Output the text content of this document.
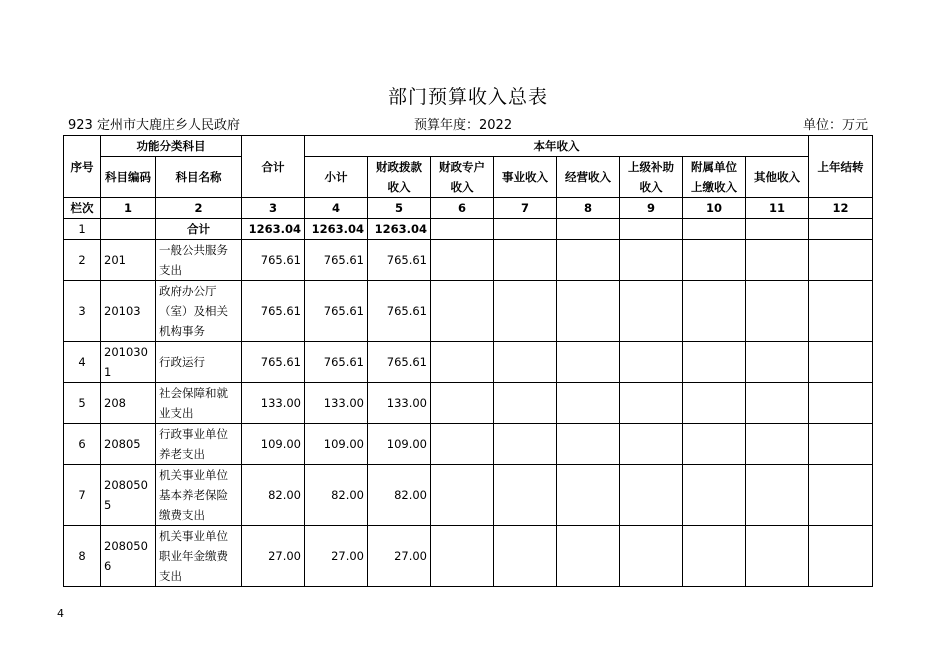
部门预算收入总表
923 定州市大鹿庄乡人民政府	预算年度：2022	单位：万元
序号	功能分类科目		合计	本年收入								上年结转
	科目编码	科目名称		小计	财政拨款收入	财政专户收入	事业收入	经营收入	上级补助收入	附属单位上缴收入	其他收入	

栏次	1	2	3	4	5	6	7	8	9	10	11	12
1		合计	1263.04	1263.04	1263.04							
2	201	一般公共服务支出	765.61	765.61	765.61							
3	20103	政府办公厅（室）及相关机构事务	765.61	765.61	765.61							
4	2010301	行政运行	765.61	765.61	765.61							
5	208	社会保障和就业支出	133.00	133.00	133.00							
6	20805	行政事业单位养老支出	109.00	109.00	109.00							
7	2080505	机关事业单位基本养老保险缴费支出	82.00	82.00	82.00							
8	2080506	机关事业单位职业年金缴费支出	27.00	27.00	27.00							
4
